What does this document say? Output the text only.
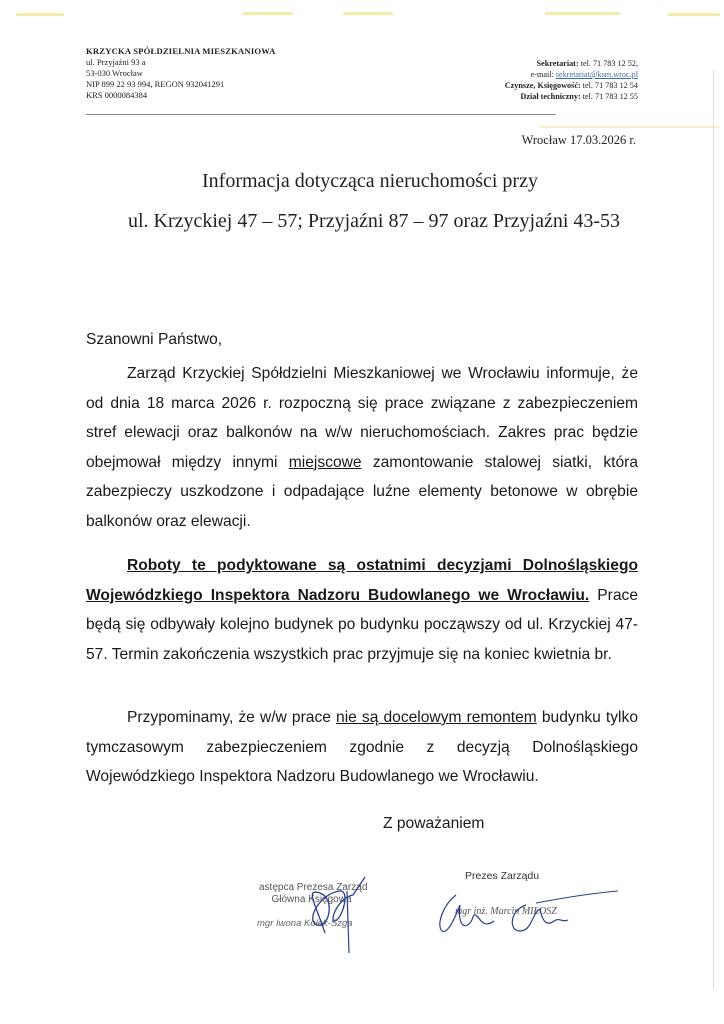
KRZYCKA SPÓŁDZIELNIA MIESZKANIOWA
ul. Przyjaźni 93 a
53-030 Wrocław
NIP 899 22 93 994, REGON 932041291
KRS 0000084384
Sekretariat: tel. 71 783 12 52,
e-mail: sekretariat@ksm.wroc.pl
Czynsze, Księgowość: tel. 71 783 12 54
Dział techniczny: tel. 71 783 12 55
Wrocław 17.03.2026 r.
Informacja dotycząca nieruchomości przy
ul. Krzyckiej 47 – 57; Przyjaźni 87 – 97 oraz Przyjaźni 43-53
Szanowni Państwo,
Zarząd Krzyckiej Spółdzielni Mieszkaniowej we Wrocławiu informuje, że od dnia 18 marca 2026 r. rozpoczną się prace związane z zabezpieczeniem stref elewacji oraz balkonów na w/w nieruchomościach. Zakres prac będzie obejmował między innymi miejscowe zamontowanie stalowej siatki, która zabezpieczy uszkodzone i odpadające luźne elementy betonowe w obrębie balkonów oraz elewacji.
Roboty te podyktowane są ostatnimi decyzjami Dolnośląskiego Wojewódzkiego Inspektora Nadzoru Budowlanego we Wrocławiu. Prace będą się odbywały kolejno budynek po budynku począwszy od ul. Krzyckiej 47-57. Termin zakończenia wszystkich prac przyjmuje się na koniec kwietnia br.
Przypominamy, że w/w prace nie są docelowym remontem budynku tylko tymczasowym zabezpieczeniem zgodnie z decyzją Dolnośląskiego Wojewódzkiego Inspektora Nadzoru Budowlanego we Wrocławiu.
Z poważaniem
astępca Prezesa Zarząd
Główna Księgowa
mgr Iwona Kołek-Szga
Prezes Zarządu
mgr inż. Marcin MIŁOSZ
